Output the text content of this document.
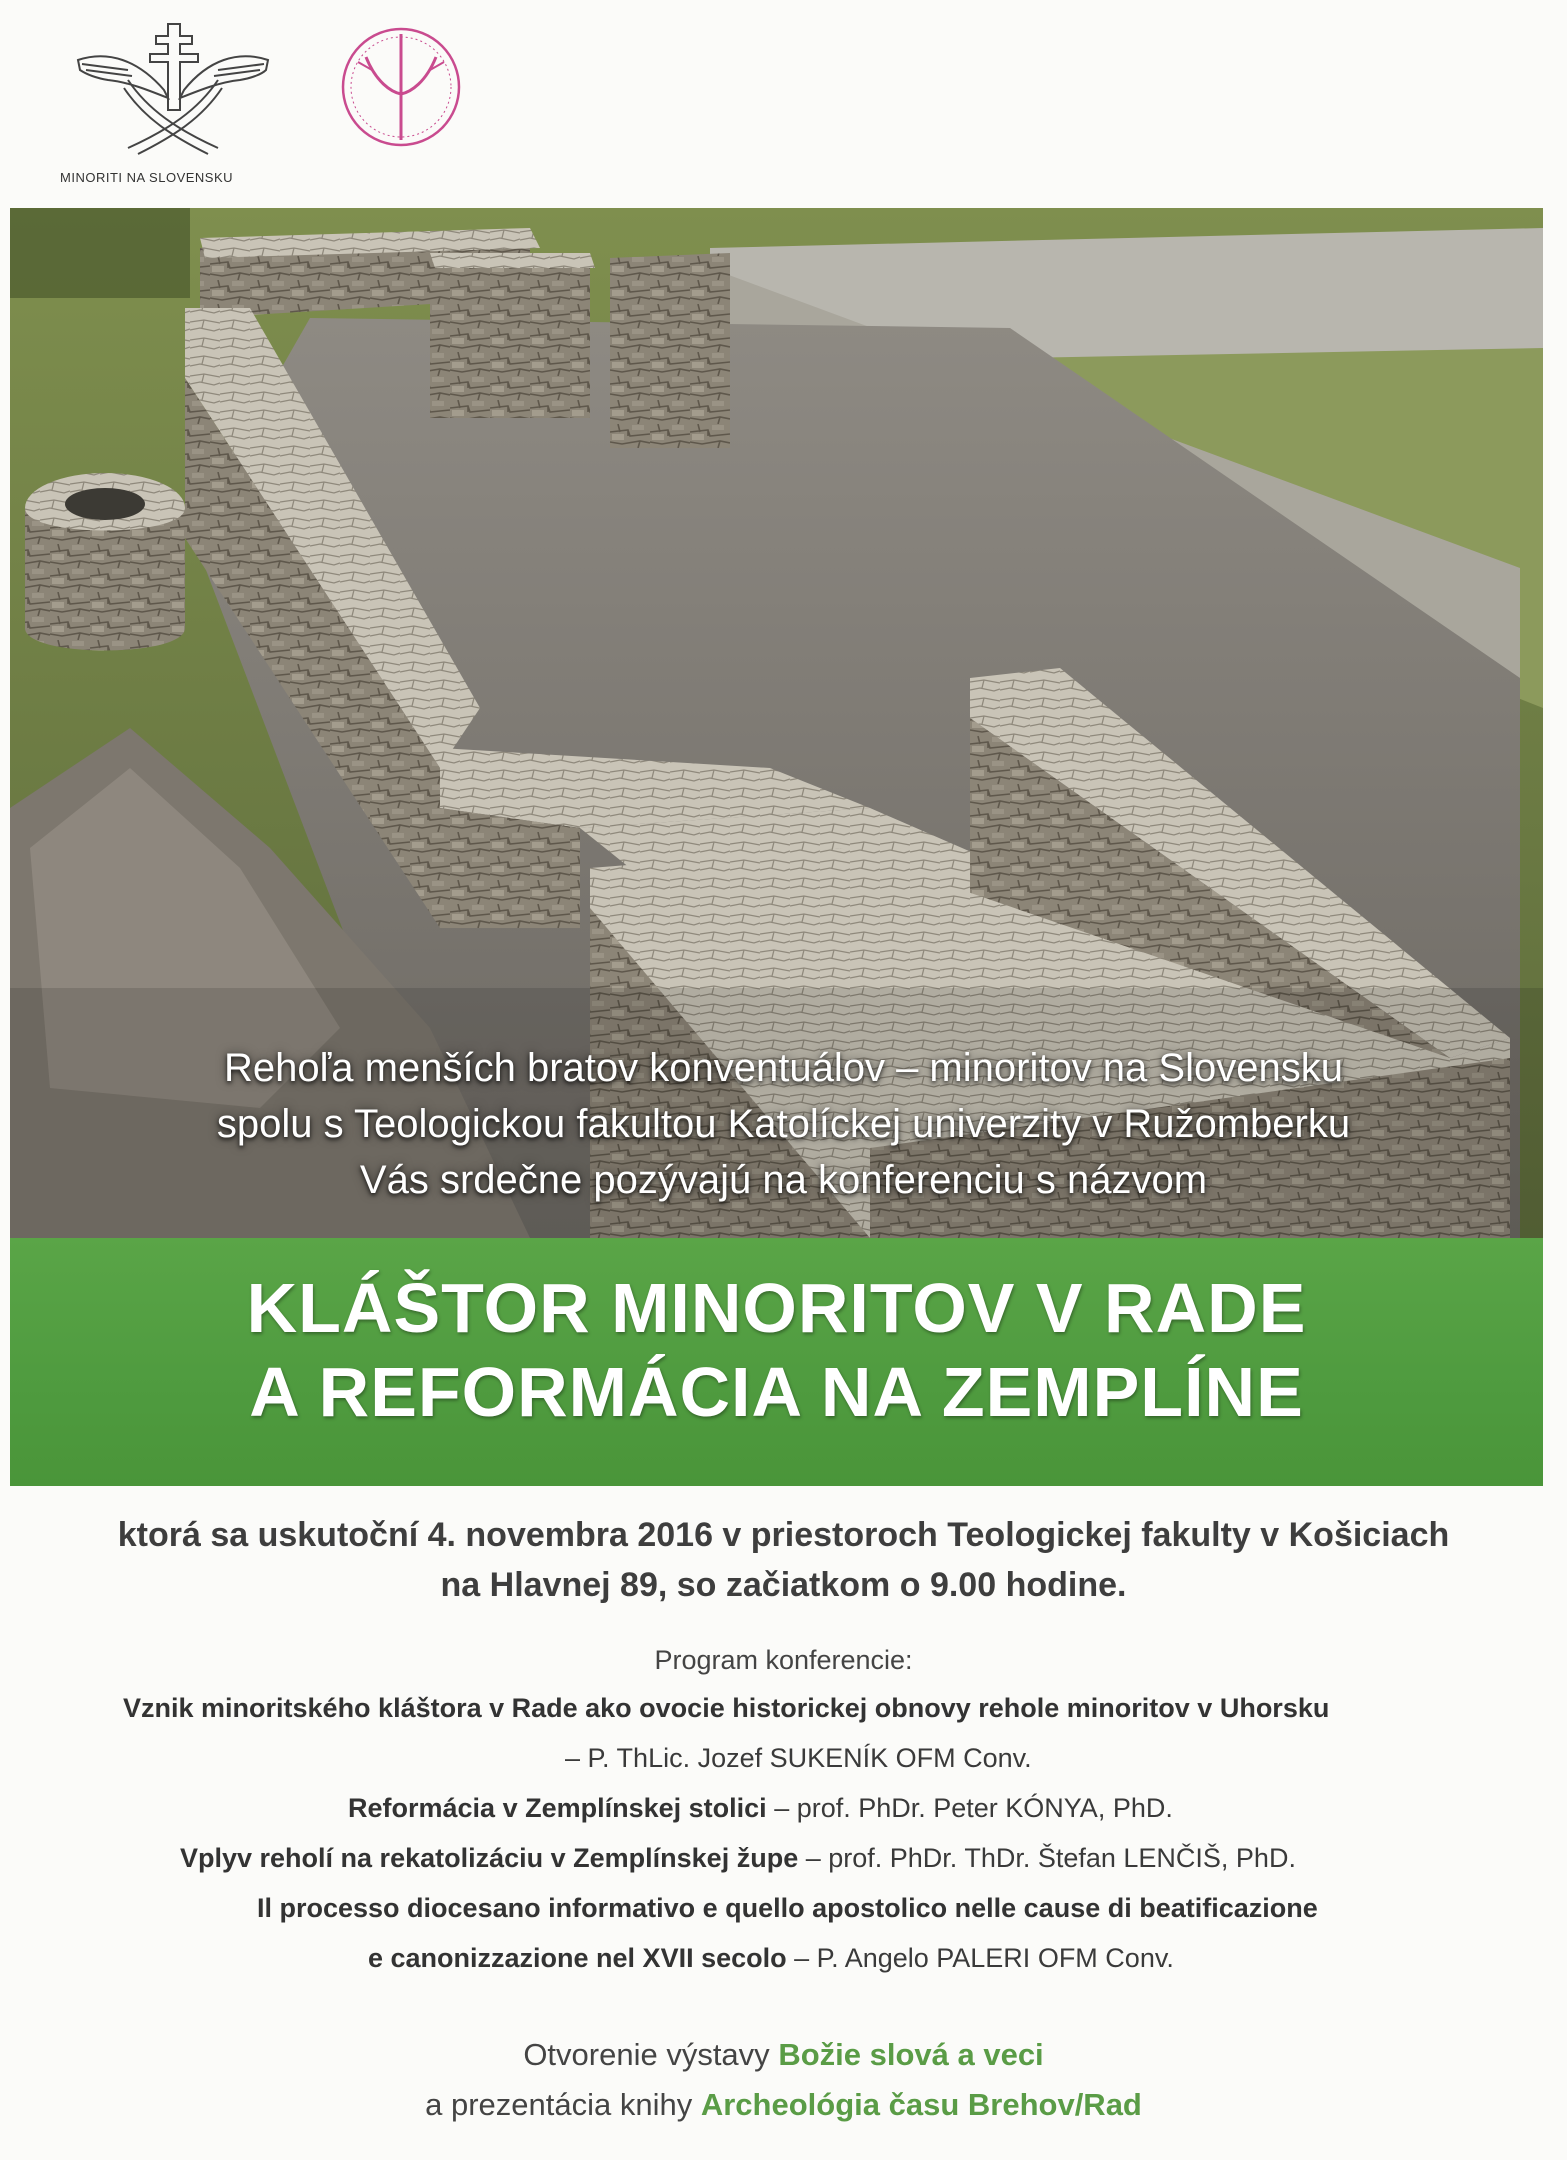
MINORITI NA SLOVENSKU
Rehoľa menších bratov konventuálov – minoritov na Slovensku
spolu s Teologickou fakultou Katolíckej univerzity v Ružomberku
Vás srdečne pozývajú na konferenciu s názvom
KLÁŠTOR MINORITOV V RADE
A REFORMÁCIA NA ZEMPLÍNE
ktorá sa uskutoční 4. novembra 2016 v priestoroch Teologickej fakulty v Košiciach
na Hlavnej 89, so začiatkom o 9.00 hodine.
Program konferencie:
Vznik minoritského kláštora v Rade ako ovocie historickej obnovy rehole minoritov v Uhorsku
– P. ThLic. Jozef SUKENÍK OFM Conv.
Reformácia v Zemplínskej stolici – prof. PhDr. Peter KÓNYA, PhD.
Vplyv reholí na rekatolizáciu v Zemplínskej župe – prof. PhDr. ThDr. Štefan LENČIŠ, PhD.
Il processo diocesano informativo e quello apostolico nelle cause di beatificazione
e canonizzazione nel XVII secolo – P. Angelo PALERI OFM Conv.
Otvorenie výstavy Božie slová a veci
a prezentácia knihy Archeológia času Brehov/Rad
